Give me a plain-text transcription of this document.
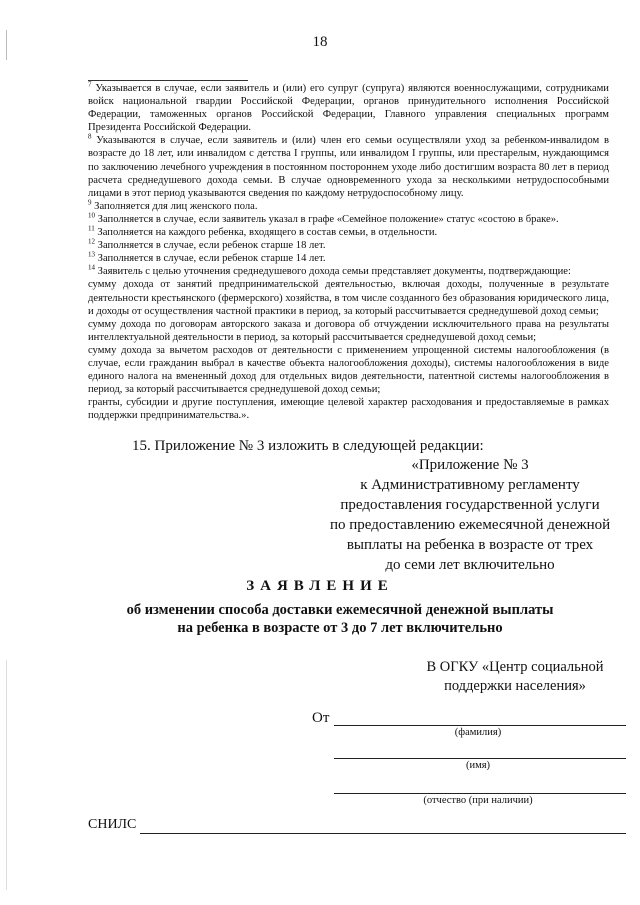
18

$^7$ Указывается в случае, если заявитель и (или) его супруг (супруга) являются военнослужащими, сотрудниками войск национальной гвардии Российской Федерации, органов принудительного исполнения Российской Федерации, таможенных органов Российской Федерации, Главного управления специальных программ Президента Российской Федерации.

$^8$ Указываются в случае, если заявитель и (или) член его семьи осуществляли уход за ребенком-инвалидом в возрасте до 18 лет, или инвалидом с детства I группы, или инвалидом I группы, или престарелым, нуждающимся по заключению лечебного учреждения в постоянном постороннем уходе либо достигшим возраста 80 лет в период расчета среднедушевого дохода семьи. В случае одновременного ухода за несколькими нетрудоспособными лицами в этот период указываются сведения по каждому нетрудоспособному лицу.

$^9$ Заполняется для лиц женского пола.

$^{10}$ Заполняется в случае, если заявитель указал в графе «Семейное положение» статус «состою в браке».

$^{11}$ Заполняется на каждого ребенка, входящего в состав семьи, в отдельности.

$^{12}$ Заполняется в случае, если ребенок старше 18 лет.

$^{13}$ Заполняется в случае, если ребенок старше 14 лет.

$^{14}$ Заявитель с целью уточнения среднедушевого дохода семьи представляет документы, подтверждающие:

сумму дохода от занятий предпринимательской деятельностью, включая доходы, полученные в результате деятельности крестьянского (фермерского) хозяйства, в том числе созданного без образования юридического лица, и доходы от осуществления частной практики в период, за который рассчитывается среднедушевой доход семьи;

сумму дохода по договорам авторского заказа и договора об отчуждении исключительного права на результаты интеллектуальной деятельности в период, за который рассчитывается среднедушевой доход семьи;

сумму дохода за вычетом расходов от деятельности с применением упрощенной системы налогообложения (в случае, если гражданин выбрал в качестве объекта налогообложения доходы), системы налогообложения в виде единого налога на вмененный доход для отдельных видов деятельности, патентной системы налогообложения в период, за который рассчитывается среднедушевой доход семьи;

гранты, субсидии и другие поступления, имеющие целевой характер расходования и предоставляемые в рамках поддержки предпринимательства.».

15. Приложение № 3 изложить в следующей редакции:
«Приложение № 3
к Административному регламенту
предоставления государственной услуги
по предоставлению ежемесячной денежной
выплаты на ребенка в возрасте от трех
до семи лет включительно
ЗАЯВЛЕНИЕ
об изменении способа доставки ежемесячной денежной выплаты
на ребенка в возрасте от 3 до 7 лет включительно
В ОГКУ «Центр социальной
поддержки населения»
От
(фамилия)
(имя)
(отчество (при наличии)
СНИЛС
